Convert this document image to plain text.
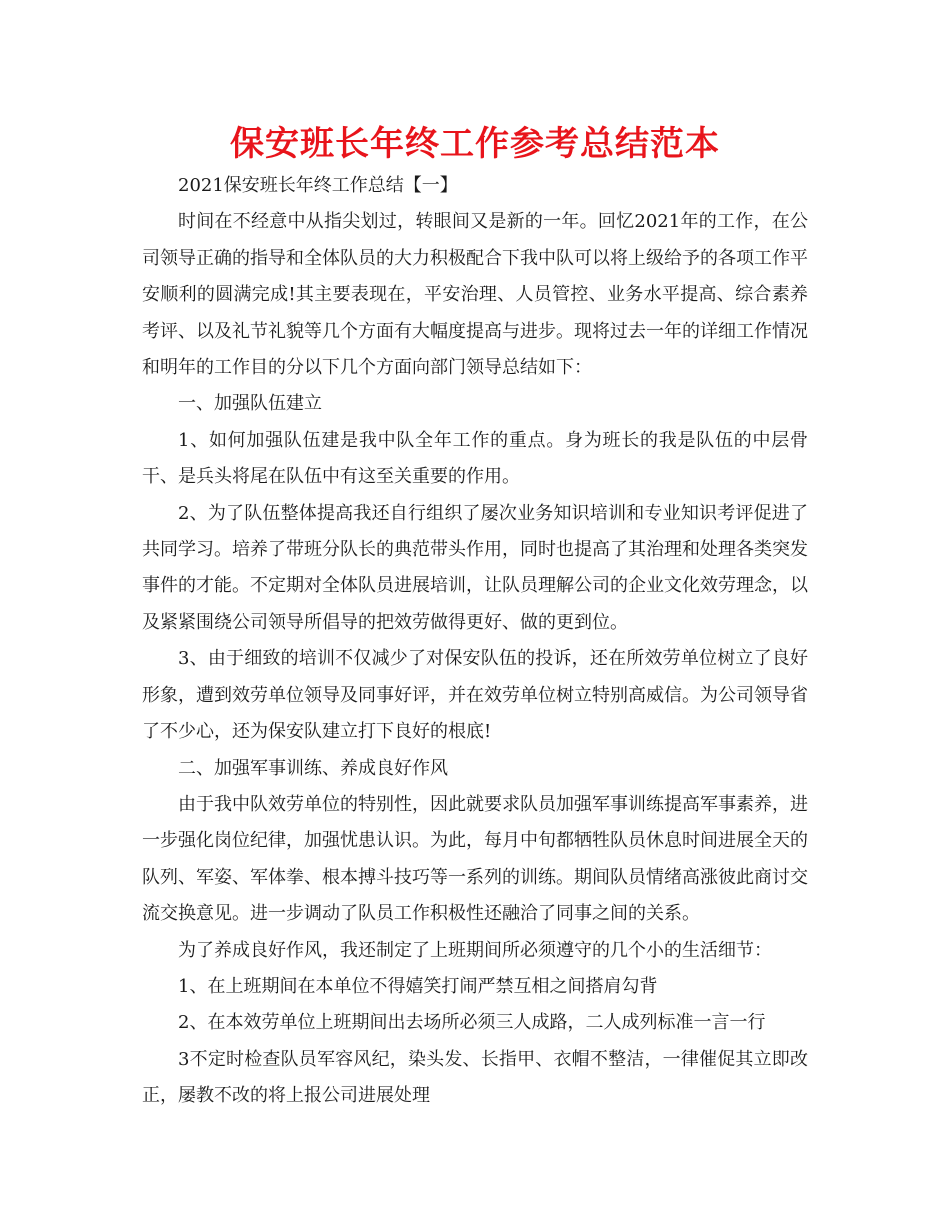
保安班长年终工作参考总结范本

2021保安班长年终工作总结【一】

时间在不经意中从指尖划过，转眼间又是新的一年。回忆2021年的工作，在公司领导正确的指导和全体队员的大力积极配合下我中队可以将上级给予的各项工作平安顺利的圆满完成!其主要表现在，平安治理、人员管控、业务水平提高、综合素养考评、以及礼节礼貌等几个方面有大幅度提高与进步。现将过去一年的详细工作情况和明年的工作目的分以下几个方面向部门领导总结如下：

一、加强队伍建立

1、如何加强队伍建是我中队全年工作的重点。身为班长的我是队伍的中层骨干、是兵头将尾在队伍中有这至关重要的作用。

2、为了队伍整体提高我还自行组织了屡次业务知识培训和专业知识考评促进了共同学习。培养了带班分队长的典范带头作用，同时也提高了其治理和处理各类突发事件的才能。不定期对全体队员进展培训，让队员理解公司的企业文化效劳理念，以及紧紧围绕公司领导所倡导的把效劳做得更好、做的更到位。

3、由于细致的培训不仅减少了对保安队伍的投诉，还在所效劳单位树立了良好形象，遭到效劳单位领导及同事好评，并在效劳单位树立特别高威信。为公司领导省了不少心，还为保安队建立打下良好的根底!

二、加强军事训练、养成良好作风

由于我中队效劳单位的特别性，因此就要求队员加强军事训练提高军事素养，进一步强化岗位纪律，加强忧患认识。为此，每月中旬都牺牲队员休息时间进展全天的队列、军姿、军体拳、根本搏斗技巧等一系列的训练。期间队员情绪高涨彼此商讨交流交换意见。进一步调动了队员工作积极性还融洽了同事之间的关系。

为了养成良好作风，我还制定了上班期间所必须遵守的几个小的生活细节：

1、在上班期间在本单位不得嬉笑打闹严禁互相之间搭肩勾背

2、在本效劳单位上班期间出去场所必须三人成路，二人成列标准一言一行

3不定时检查队员军容风纪，染头发、长指甲、衣帽不整洁，一律催促其立即改正，屡教不改的将上报公司进展处理
